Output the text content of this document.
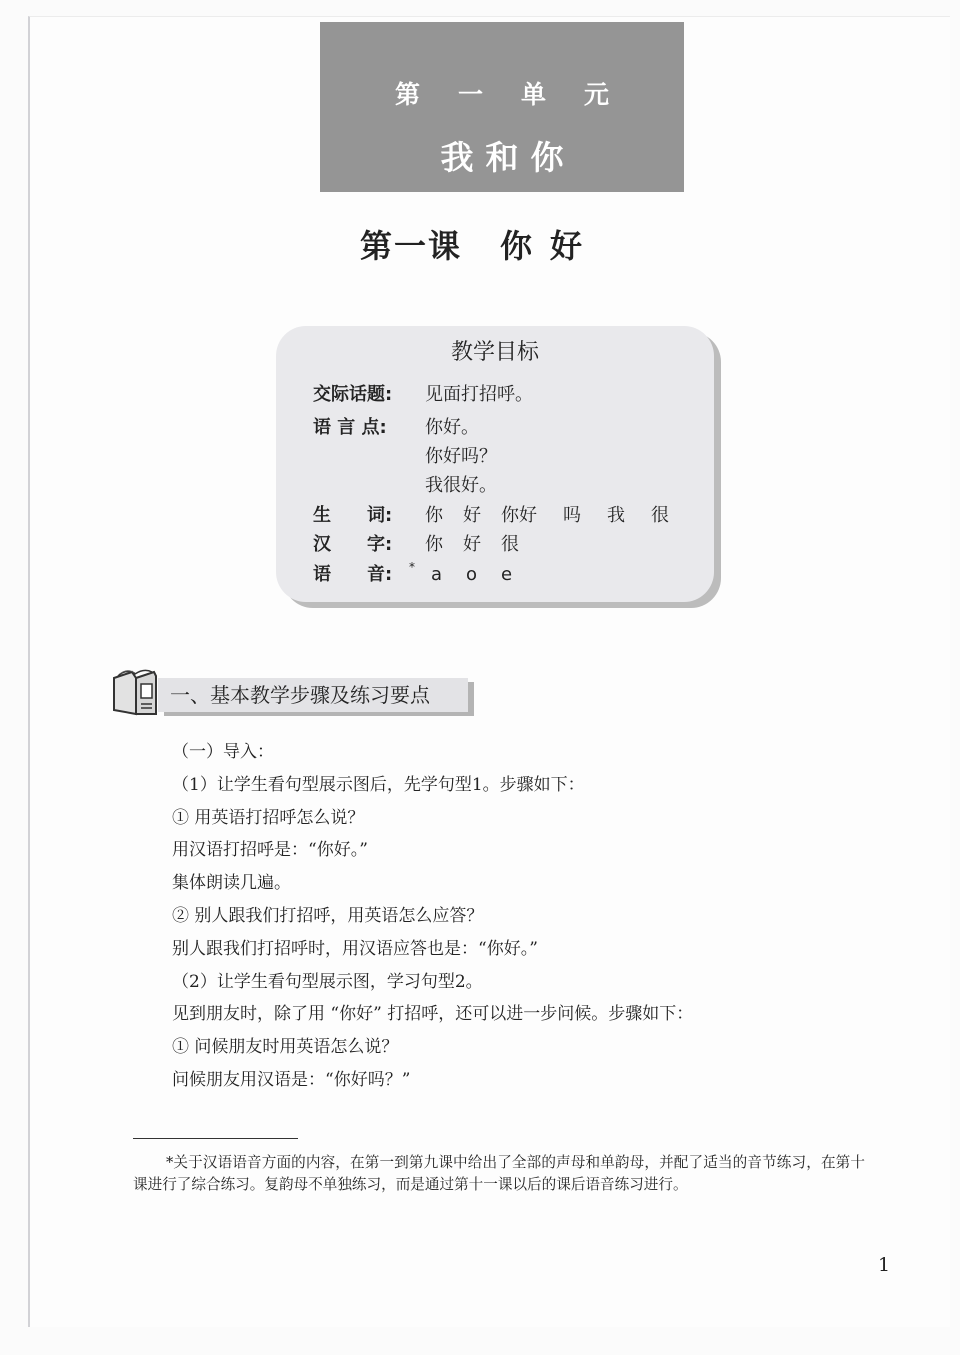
第一单元
我和你
第一课 你好
教学目标
交际话题: 见面打招呼。
语 言 点: 你好。
你好吗？
我很好。
生　　词: 你 好 你好 吗 我 很
汉　　字: 你 好 很
语　　音: * a o e
一、基本教学步骤及练习要点

（一）导入：

（1）让学生看句型展示图后，先学句型1。步骤如下：

① 用英语打招呼怎么说？

用汉语打招呼是：“你好。”

集体朗读几遍。

② 别人跟我们打招呼，用英语怎么应答？

别人跟我们打招呼时，用汉语应答也是：“你好。”

（2）让学生看句型展示图，学习句型2。

见到朋友时，除了用 “你好” 打招呼，还可以进一步问候。步骤如下：

① 问候朋友时用英语怎么说？

问候朋友用汉语是：“你好吗？”

*关于汉语语音方面的内容，在第一到第九课中给出了全部的声母和单韵母，并配了适当的音节练习，在第十课进行了综合练习。复韵母不单独练习，而是通过第十一课以后的课后语音练习进行。
1
